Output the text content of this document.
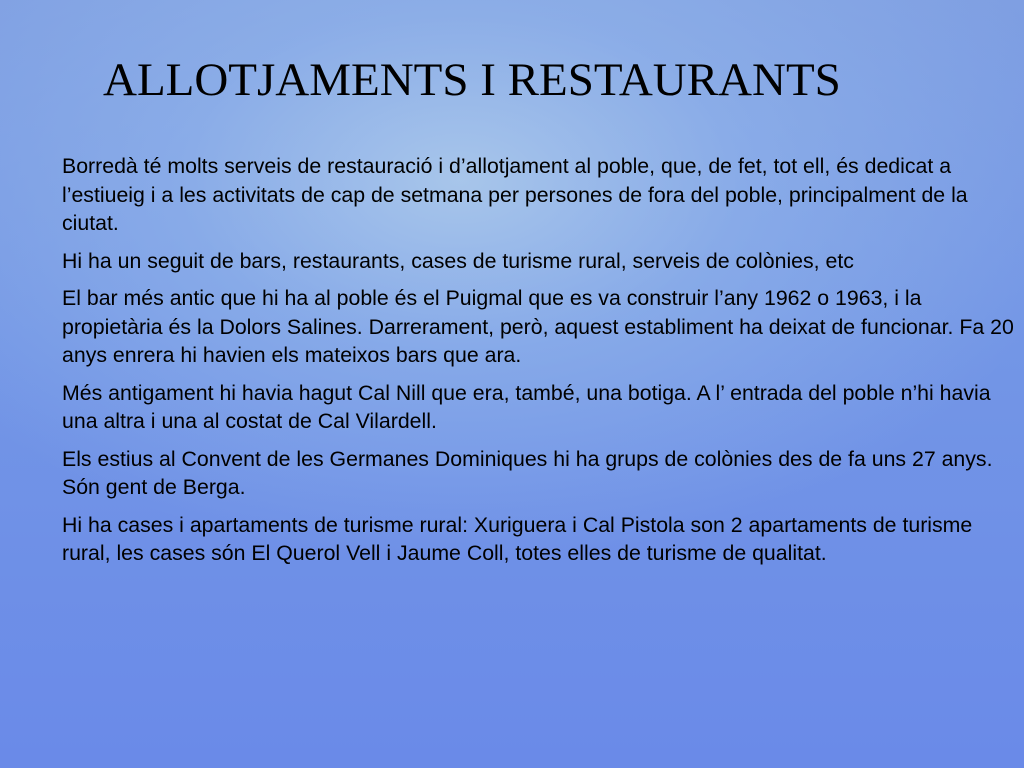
ALLOTJAMENTS I RESTAURANTS

Borredà té molts serveis de restauració i d’allotjament al poble, que, de fet, tot ell, és dedicat a l’estiueig i a les activitats de cap de setmana per persones de fora del poble, principalment de la ciutat.

Hi ha un seguit de bars, restaurants, cases de turisme rural, serveis de colònies, etc

El bar més antic que hi ha al poble és el Puigmal que es va construir l’any 1962 o 1963, i la propietària és la Dolors Salines. Darrerament, però, aquest establiment ha deixat de funcionar. Fa 20 anys enrera hi havien els mateixos bars que ara.

Més antigament hi havia hagut Cal Nill que era, també, una botiga. A l’ entrada del poble n’hi havia una altra i una al costat de Cal Vilardell.

Els estius al Convent de les Germanes Dominiques hi ha grups de colònies des de fa uns 27 anys. Són gent de Berga.

Hi ha cases i apartaments de turisme rural: Xuriguera i Cal Pistola son 2 apartaments de turisme rural, les cases són El Querol Vell i Jaume Coll, totes elles de turisme de qualitat.
